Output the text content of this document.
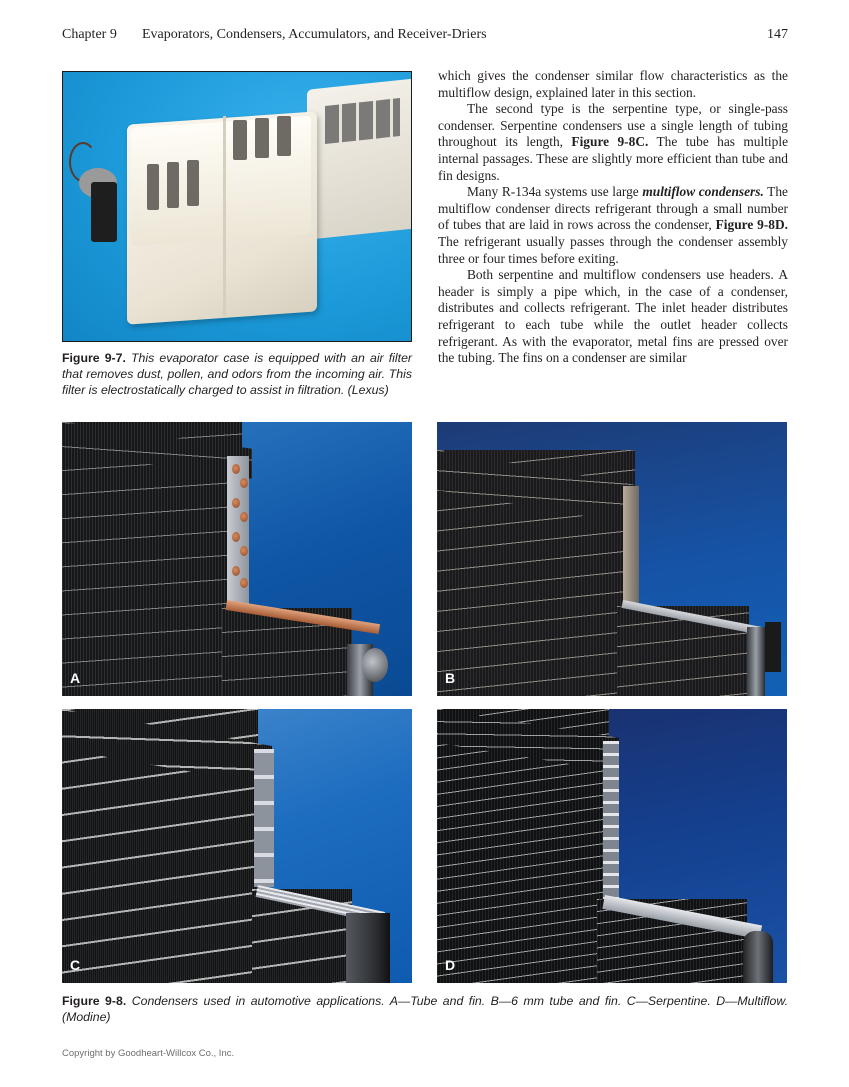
Chapter 9 Evaporators, Condensers, Accumulators, and Receiver-Driers	147
Figure 9-7. This evaporator case is equipped with an air filter that removes dust, pollen, and odors from the incoming air. This filter is electrostatically charged to assist in filtration. (Lexus)

which gives the condenser similar flow characteristics as the multiflow design, explained later in this section.

The second type is the serpentine type, or single-pass condenser. Serpentine condensers use a single length of tubing throughout its length, Figure 9-8C. The tube has multiple internal passages. These are slightly more efficient than tube and fin designs.

Many R-134a systems use large multiflow condensers. The multiflow condenser directs refrigerant through a small number of tubes that are laid in rows across the condenser, Figure 9-8D. The refrigerant usually passes through the condenser assembly three or four times before exiting.

Both serpentine and multiflow condensers use headers. A header is simply a pipe which, in the case of a condenser, distributes and collects refrigerant. The inlet header distributes refrigerant to each tube while the outlet header collects refrigerant. As with the evaporator, metal fins are pressed over the tubing. The fins on a condenser are similar

A	B
C	D
Figure 9-8. Condensers used in automotive applications. A—Tube and fin. B—6 mm tube and fin. C—Serpentine. D—Multiflow. (Modine)
Copyright by Goodheart-Willcox Co., Inc.
